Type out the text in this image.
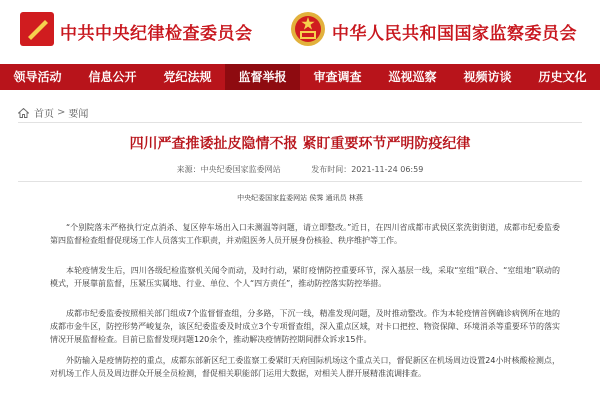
中共中央纪律检查委员会	中华人民共和国国家监察委员会
领导活动	信息公开	党纪法规	监督举报	审查调查	巡视巡察	视频访谈	历史文化
首页 > 要闻
四川严查推诿扯皮隐情不报 紧盯重要环节严明防疫纪律
来源：中央纪委国家监委网站	发布时间：2021-11-24 06:59
中央纪委国家监委网站 侯霁 通讯员 林燕

“个别院落未严格执行定点消杀、复区停车场出入口未测温等问题，请立即整改。”近日，在四川省成都市武侯区浆洗街街道，成都市纪委监委第四监督检查组督促现场工作人员落实工作职责，并劝阻医务人员开展身份核验、秩序维护等工作。

本轮疫情发生后，四川各级纪检监察机关闻令而动，及时行动，紧盯疫情防控重要环节，深入基层一线，采取“室组”联合、“室组地”联动的模式，开展靠前监督，压紧压实属地、行业、单位、个人“四方责任”，推动防控落实防控举措。

成都市纪委监委按照相关部门组成7个监督督查组，分多路，下沉一线，精准发现问题，及时推动整改。作为本轮疫情首例确诊病例所在地的成都市金牛区，防控形势严峻复杂，该区纪委监委及时成立3个专项督查组，深入重点区域，对卡口把控、物资保障、环境消杀等重要环节的落实情况开展监督检查。目前已监督发现问题120余个，推动解决疫情防控期间群众诉求15件。

外防输入是疫情防控的重点，成都东部新区纪工委监察工委紧盯天府国际机场这个重点关口，督促新区在机场周边设置24小时核酸检测点，对机场工作人员及周边群众开展全员检测，督促相关职能部门运用大数据，对相关人群开展精准流调排查。
